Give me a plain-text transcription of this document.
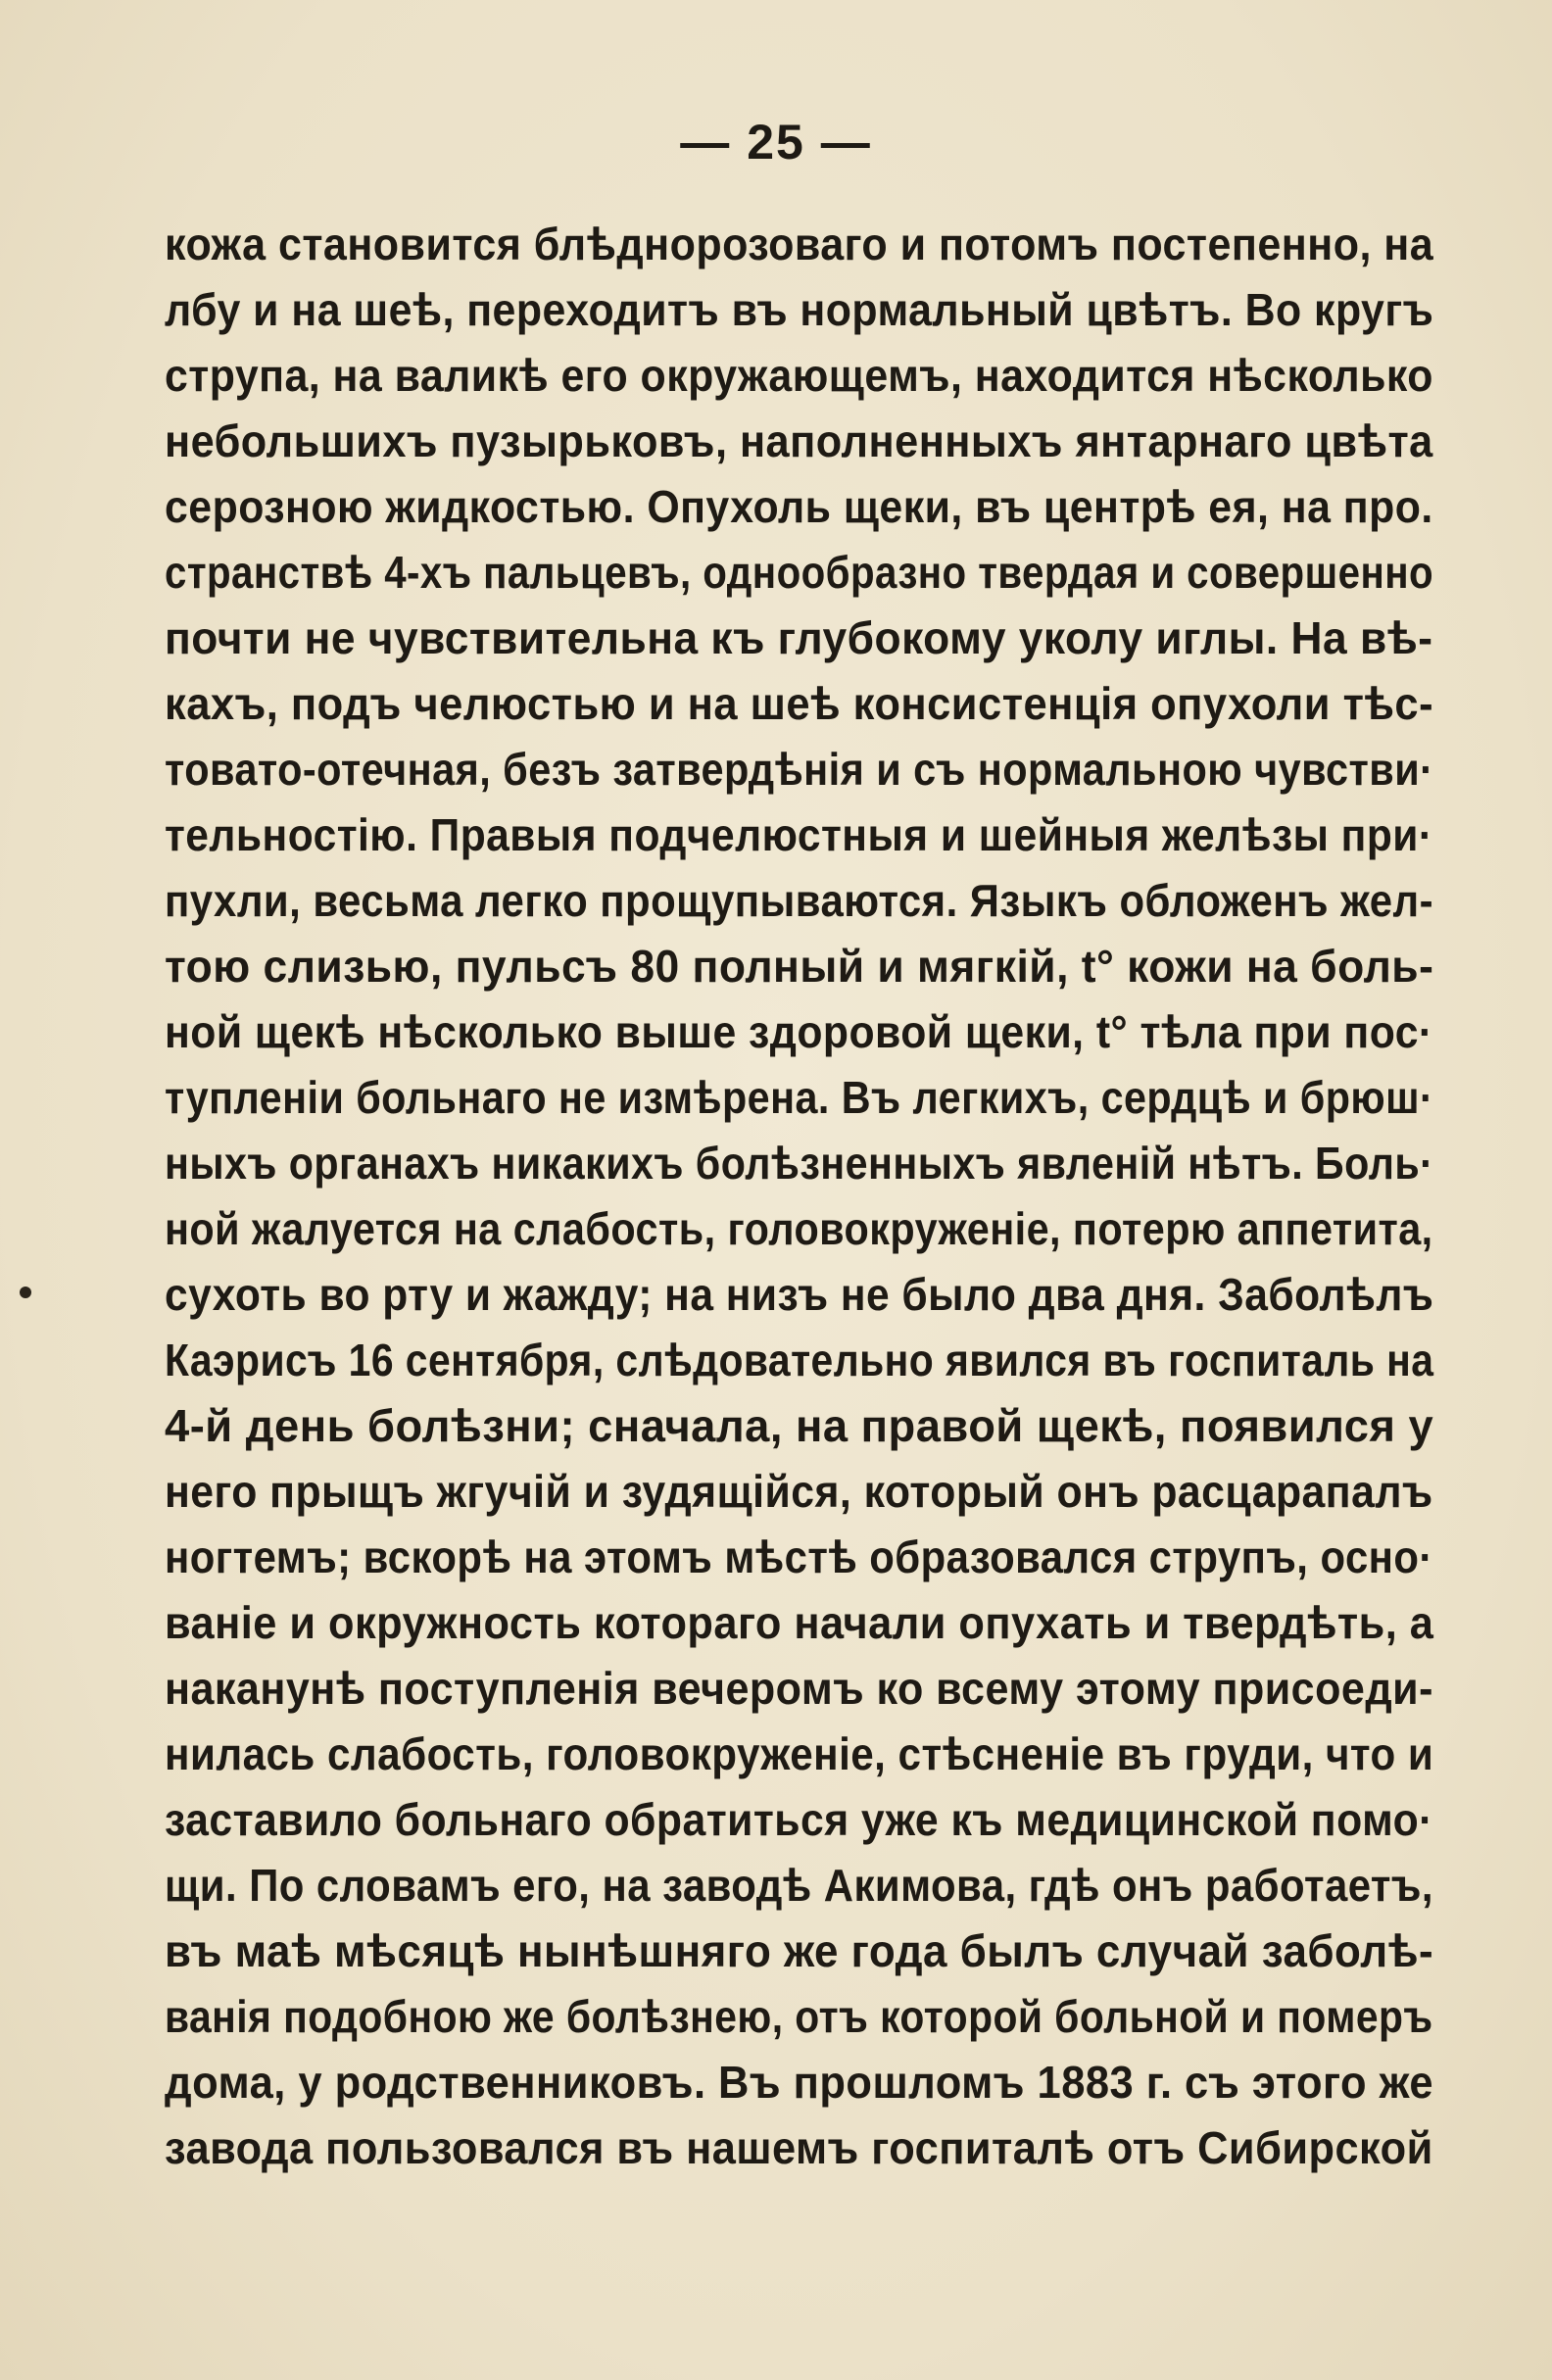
— 25 —
кожа становится блѣднорозоваго и потомъ постепенно, на
лбу и на шеѣ, переходитъ въ нормальный цвѣтъ. Во кругъ
струпа, на валикѣ его окружающемъ, находится нѣсколько
небольшихъ пузырьковъ, наполненныхъ янтарнаго цвѣта
серозною жидкостью. Опухоль щеки, въ центрѣ ея, на про.
странствѣ 4-хъ пальцевъ, однообразно твердая и совершенно
почти не чувствительна къ глубокому уколу иглы. На вѣ-
кахъ, подъ челюстью и на шеѣ консистенція опухоли тѣс-
товато-отечная, безъ затвердѣнія и съ нормальною чувстви·
тельностію. Правыя подчелюстныя и шейныя желѣзы при·
пухли, весьма легко прощупываются. Языкъ обложенъ жел-
тою слизью, пульсъ 80 полный и мягкій, t° кожи на боль-
ной щекѣ нѣсколько выше здоровой щеки, t° тѣла при пос·
тупленіи больнаго не измѣрена. Въ легкихъ, сердцѣ и брюш·
ныхъ органахъ никакихъ болѣзненныхъ явленій нѣтъ. Боль·
ной жалуется на слабость, головокруженіе, потерю аппетита,
сухоть во рту и жажду; на низъ не было два дня. Заболѣлъ
Каэрисъ 16 сентября, слѣдовательно явился въ госпиталь на
4-й день болѣзни; сначала, на правой щекѣ, появился у
него прыщъ жгучій и зудящійся, который онъ расцарапалъ
ногтемъ; вскорѣ на этомъ мѣстѣ образовался струпъ, осно·
ваніе и окружность котораго начали опухать и твердѣть, а
наканунѣ поступленія вечеромъ ко всему этому присоеди-
нилась слабость, головокруженіе, стѣсненіе въ груди, что и
заставило больнаго обратиться уже къ медицинской помо·
щи. По словамъ его, на заводѣ Акимова, гдѣ онъ работаетъ,
въ маѣ мѣсяцѣ нынѣшняго же года былъ случай заболѣ-
ванія подобною же болѣзнею, отъ которой больной и померъ
дома, у родственниковъ. Въ прошломъ 1883 г. съ этого же
завода пользовался въ нашемъ госпиталѣ отъ Сибирской
